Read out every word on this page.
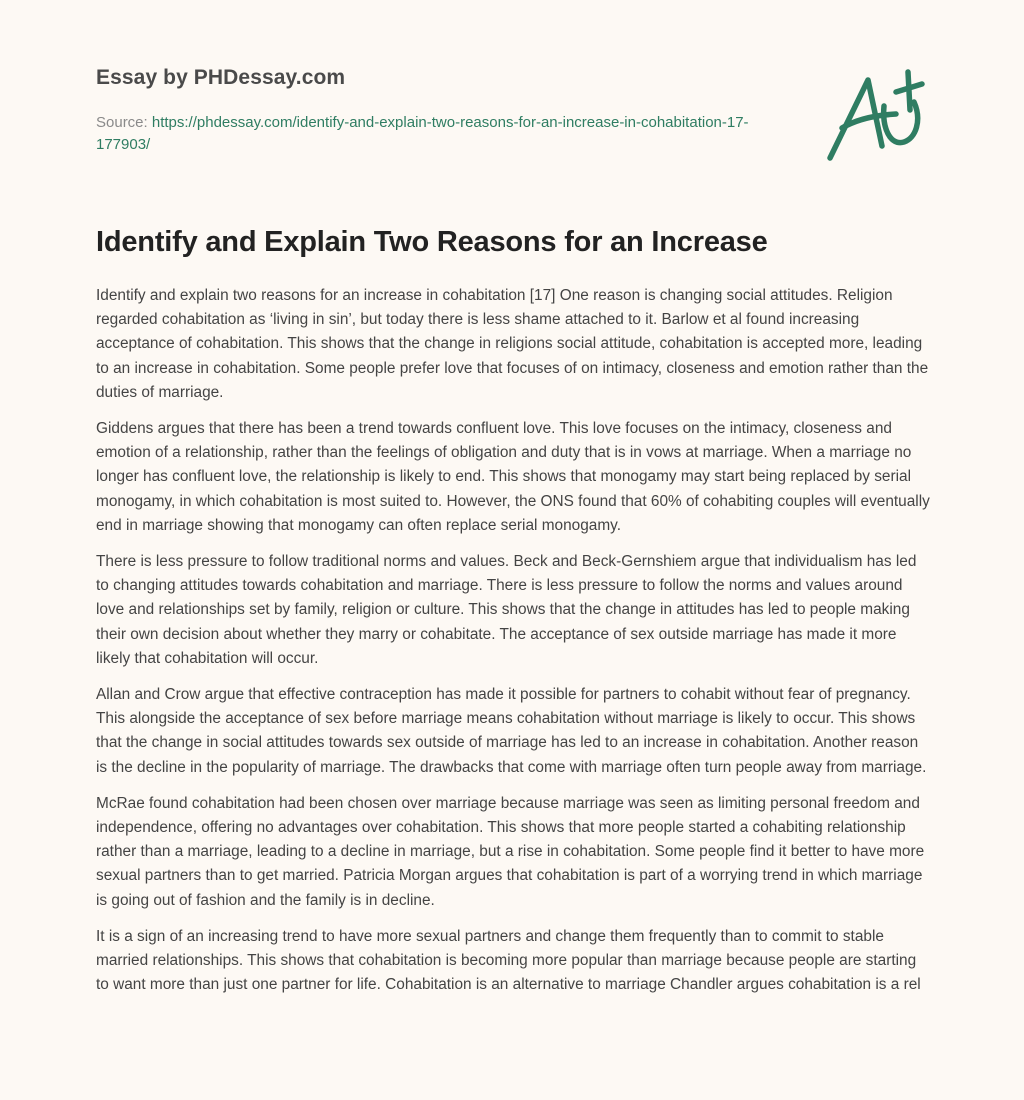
Essay by PHDessay.com
Source: https://phdessay.com/identify-and-explain-two-reasons-for-an-increase-in-cohabitation-17-177903/
Identify and Explain Two Reasons for an Increase

Identify and explain two reasons for an increase in cohabitation [17] One reason is changing social attitudes. Religion regarded cohabitation as ‘living in sin’, but today there is less shame attached to it. Barlow et al found increasing acceptance of cohabitation. This shows that the change in religions social attitude, cohabitation is accepted more, leading to an increase in cohabitation. Some people prefer love that focuses of on intimacy, closeness and emotion rather than the duties of marriage.

Giddens argues that there has been a trend towards confluent love. This love focuses on the intimacy, closeness and emotion of a relationship, rather than the feelings of obligation and duty that is in vows at marriage. When a marriage no longer has confluent love, the relationship is likely to end. This shows that monogamy may start being replaced by serial monogamy, in which cohabitation is most suited to. However, the ONS found that 60% of cohabiting couples will eventually end in marriage showing that monogamy can often replace serial monogamy.

There is less pressure to follow traditional norms and values. Beck and Beck-Gernshiem argue that individualism has led to changing attitudes towards cohabitation and marriage. There is less pressure to follow the norms and values around love and relationships set by family, religion or culture. This shows that the change in attitudes has led to people making their own decision about whether they marry or cohabitate. The acceptance of sex outside marriage has made it more likely that cohabitation will occur.

Allan and Crow argue that effective contraception has made it possible for partners to cohabit without fear of pregnancy. This alongside the acceptance of sex before marriage means cohabitation without marriage is likely to occur. This shows that the change in social attitudes towards sex outside of marriage has led to an increase in cohabitation. Another reason is the decline in the popularity of marriage. The drawbacks that come with marriage often turn people away from marriage.

McRae found cohabitation had been chosen over marriage because marriage was seen as limiting personal freedom and independence, offering no advantages over cohabitation. This shows that more people started a cohabiting relationship rather than a marriage, leading to a decline in marriage, but a rise in cohabitation. Some people find it better to have more sexual partners than to get married. Patricia Morgan argues that cohabitation is part of a worrying trend in which marriage is going out of fashion and the family is in decline.

It is a sign of an increasing trend to have more sexual partners and change them frequently than to commit to stable married relationships. This shows that cohabitation is becoming more popular than marriage because people are starting to want more than just one partner for life. Cohabitation is an alternative to marriage Chandler argues cohabitation is a rel
